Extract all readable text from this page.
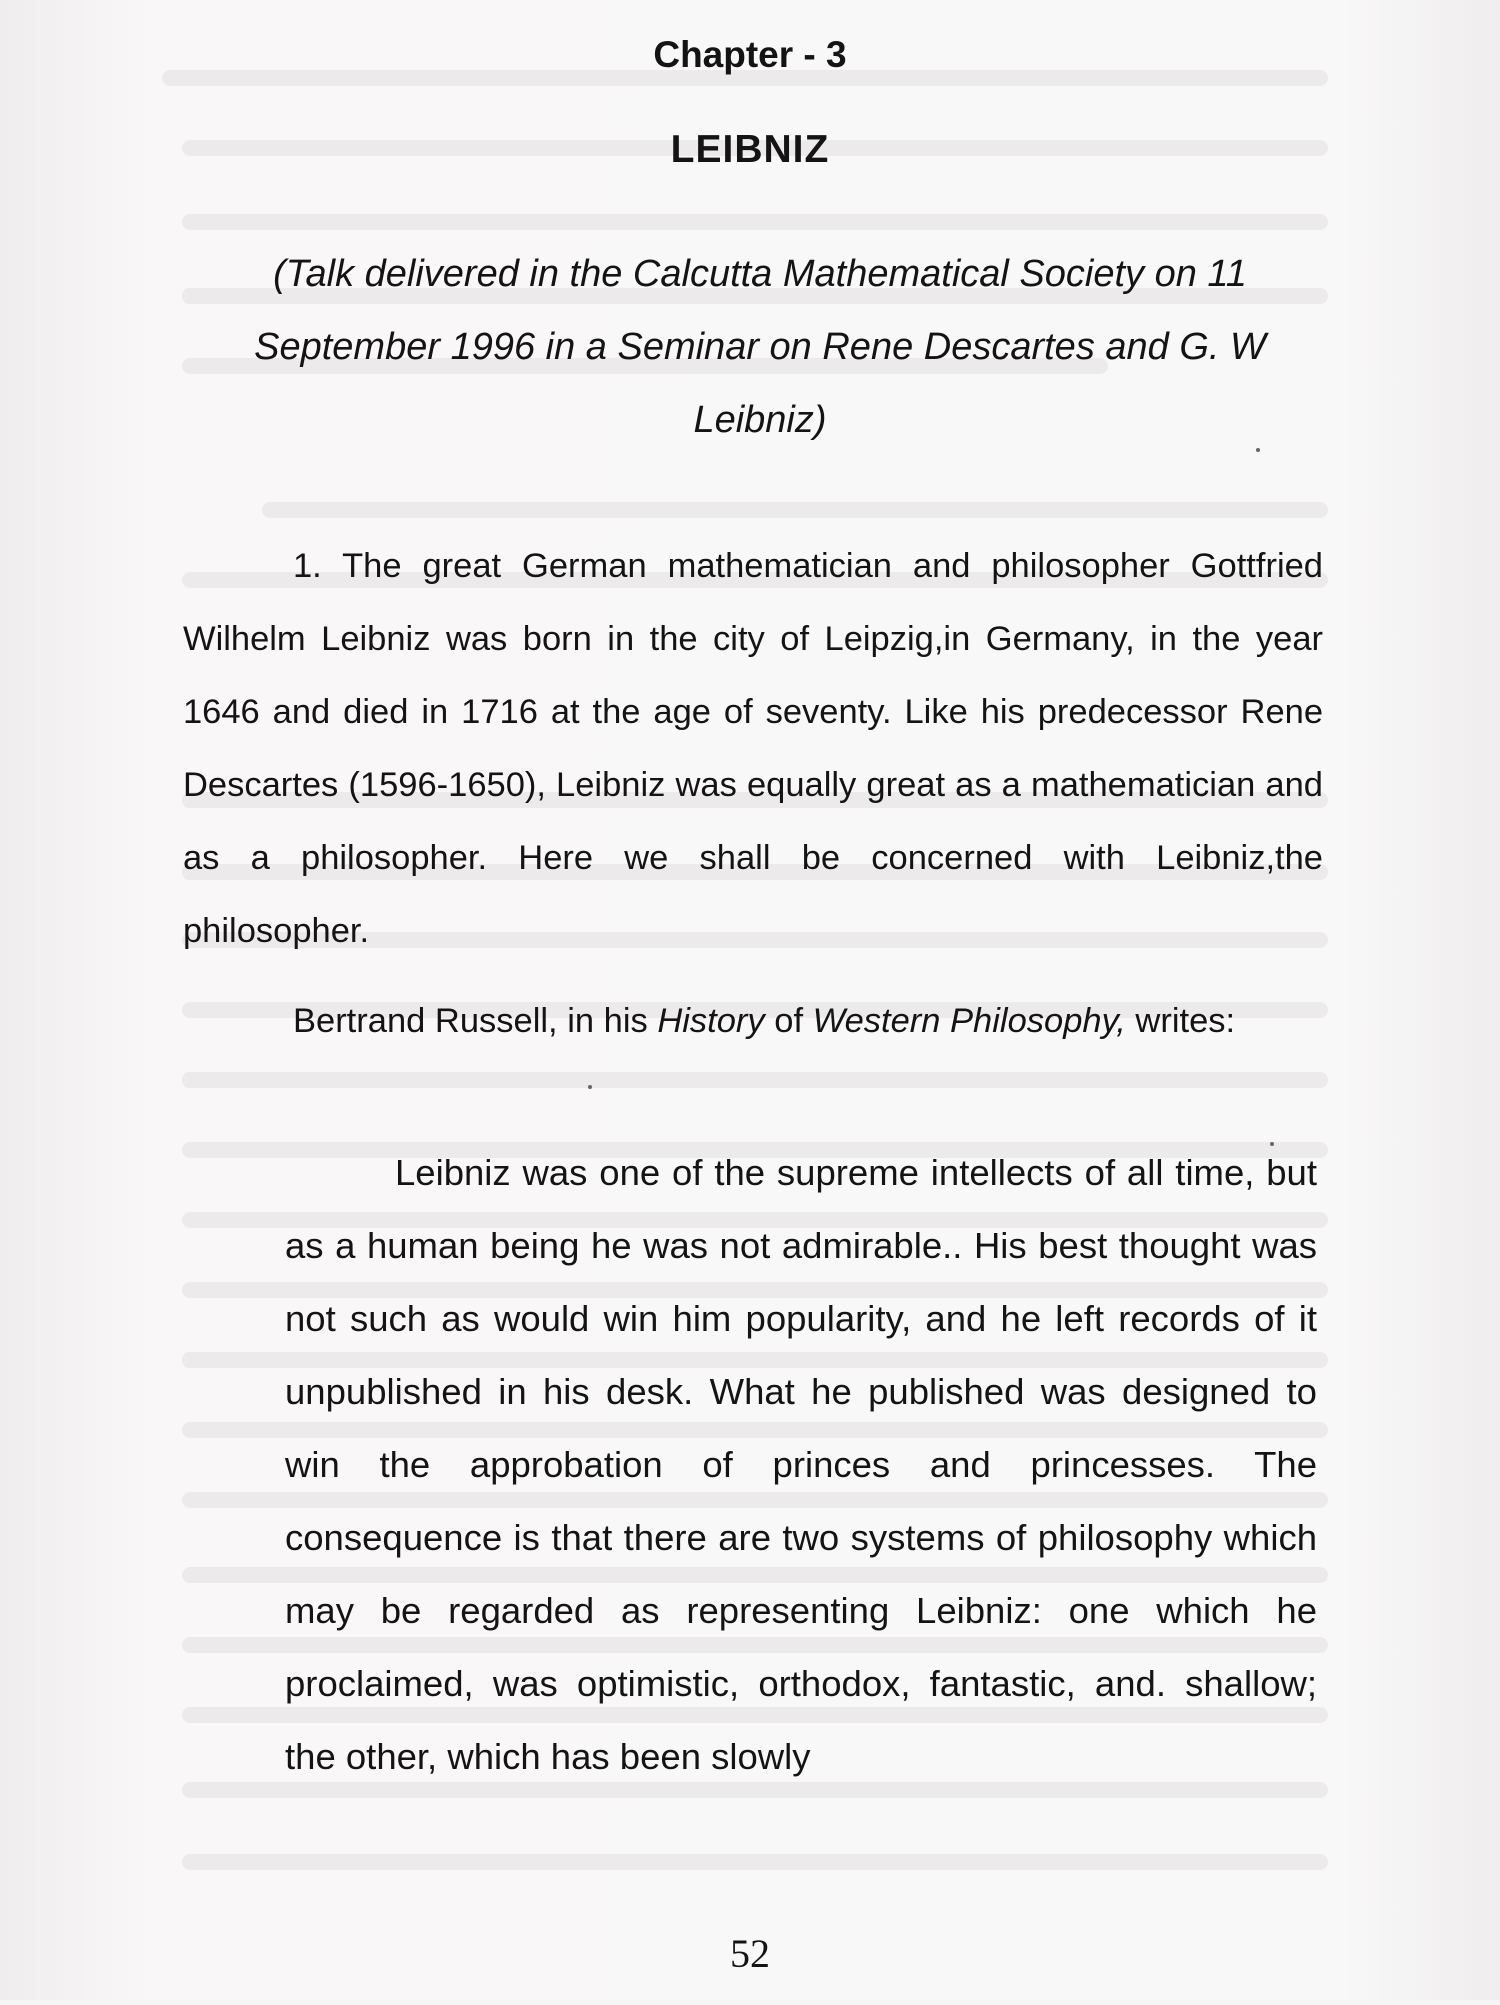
Chapter - 3
LEIBNIZ
(Talk delivered in the Calcutta Mathematical Society on 11 September 1996 in a Seminar on Rene Descartes and G. W Leibniz)
1. The great German mathematician and philosopher Gottfried Wilhelm Leibniz was born in the city of Leipzig,in Germany, in the year 1646 and died in 1716 at the age of seventy. Like his predecessor Rene Descartes (1596-1650), Leibniz was equally great as a mathematician and as a philosopher. Here we shall be concerned with Leibniz,the philosopher.
Bertrand Russell, in his History of Western Philosophy, writes:
Leibniz was one of the supreme intellects of all time, but as a human being he was not admirable.. His best thought was not such as would win him popularity, and he left records of it unpublished in his desk. What he published was designed to win the approbation of princes and princesses. The consequence is that there are two systems of philosophy which may be regarded as representing Leibniz: one which he proclaimed, was optimistic, orthodox, fantastic, and. shallow; the other, which has been slowly
52
